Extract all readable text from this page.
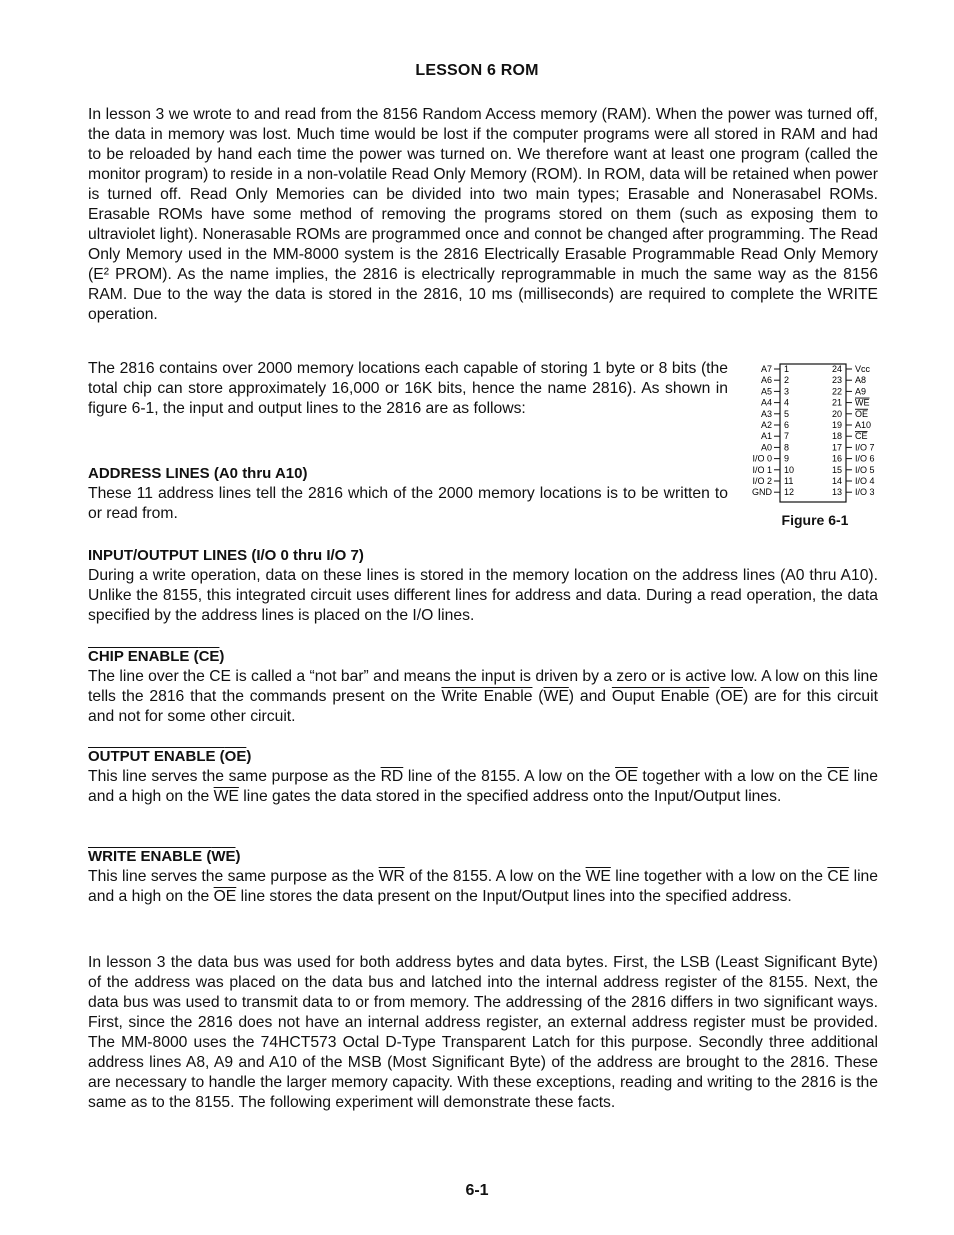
LESSON 6 ROM
In lesson 3 we wrote to and read from the 8156 Random Access memory (RAM). When the power was turned off, the data in memory was lost. Much time would be lost if the computer programs were all stored in RAM and had to be reloaded by hand each time the power was turned on. We therefore want at least one program (called the monitor program) to reside in a non-volatile Read Only Memory (ROM). In ROM, data will be retained when power is turned off. Read Only Memories can be divided into two main types; Erasable and Nonerasabel ROMs. Erasable ROMs have some method of removing the programs stored on them (such as exposing them to ultraviolet light). Nonerasable ROMs are programmed once and connot be changed after programming. The Read Only Memory used in the MM-8000 system is the 2816 Electrically Erasable Programmable Read Only Memory (E² PROM). As the name implies, the 2816 is electrically reprogrammable in much the same way as the 8156 RAM. Due to the way the data is stored in the 2816, 10 ms (milliseconds) are required to complete the WRITE operation.
The 2816 contains over 2000 memory locations each capable of storing 1 byte or 8 bits (the total chip can store approximately 16,000 or 16K bits, hence the name 2816). As shown in figure 6-1, the input and output lines to the 2816 are as follows:
ADDRESS LINES (A0 thru A10)
These 11 address lines tell the 2816 which of the 2000 memory locations is to be written to or read from.
INPUT/OUTPUT LINES (I/O 0 thru I/O 7)
During a write operation, data on these lines is stored in the memory location on the address lines (A0 thru A10). Unlike the 8155, this integrated circuit uses different lines for address and data. During a read operation, the data specified by the address lines is placed on the I/O lines.
CHIP ENABLE $(\overline{CE})$
The line over the CE is called a “not bar” and means the input is driven by a zero or is active low. A low on this line tells the 2816 that the commands present on the Write Enable $(\overline{WE})$ and Ouput Enable $(\overline{OE})$ are for this circuit and not for some other circuit.
OUTPUT ENABLE $(\overline{OE})$
This line serves the same purpose as the $\overline{RD}$ line of the 8155. A low on the $\overline{OE}$ together with a low on the $\overline{CE}$ line and a high on the $\overline{WE}$ line gates the data stored in the specified address onto the Input/Output lines.
WRITE ENABLE $(\overline{WE})$
This line serves the same purpose as the $\overline{WR}$ of the 8155. A low on the $\overline{WE}$ line together with a low on the $\overline{CE}$ line and a high on the $\overline{OE}$ line stores the data present on the Input/Output lines into the specified address.
In lesson 3 the data bus was used for both address bytes and data bytes. First, the LSB (Least Significant Byte) of the address was placed on the data bus and latched into the internal address register of the 8155. Next, the data bus was used to transmit data to or from memory. The addressing of the 2816 differs in two significant ways. First, since the 2816 does not have an internal address register, an external address register must be provided. The MM-8000 uses the 74HCT573 Octal D-Type Transparent Latch for this purpose. Secondly three additional address lines A8, A9 and A10 of the MSB (Most Significant Byte) of the address are brought to the 2816. These are necessary to handle the larger memory capacity. With these exceptions, reading and writing to the 2816 is the same as to the 8155. The following experiment will demonstrate these facts.
A7 1
A6 2
A5 3
A4 4
A3 5
A2 6
A1 7
A0 8
I/O 0 9
I/O 1 10
I/O 2 11
GND 12
24 Vcc
23 A8
22 A9
21 WE
20 OE
19 A10
18 CE
17 I/O 7
16 I/O 6
15 I/O 5
14 I/O 4
13 I/O 3
Figure 6-1
6-1
